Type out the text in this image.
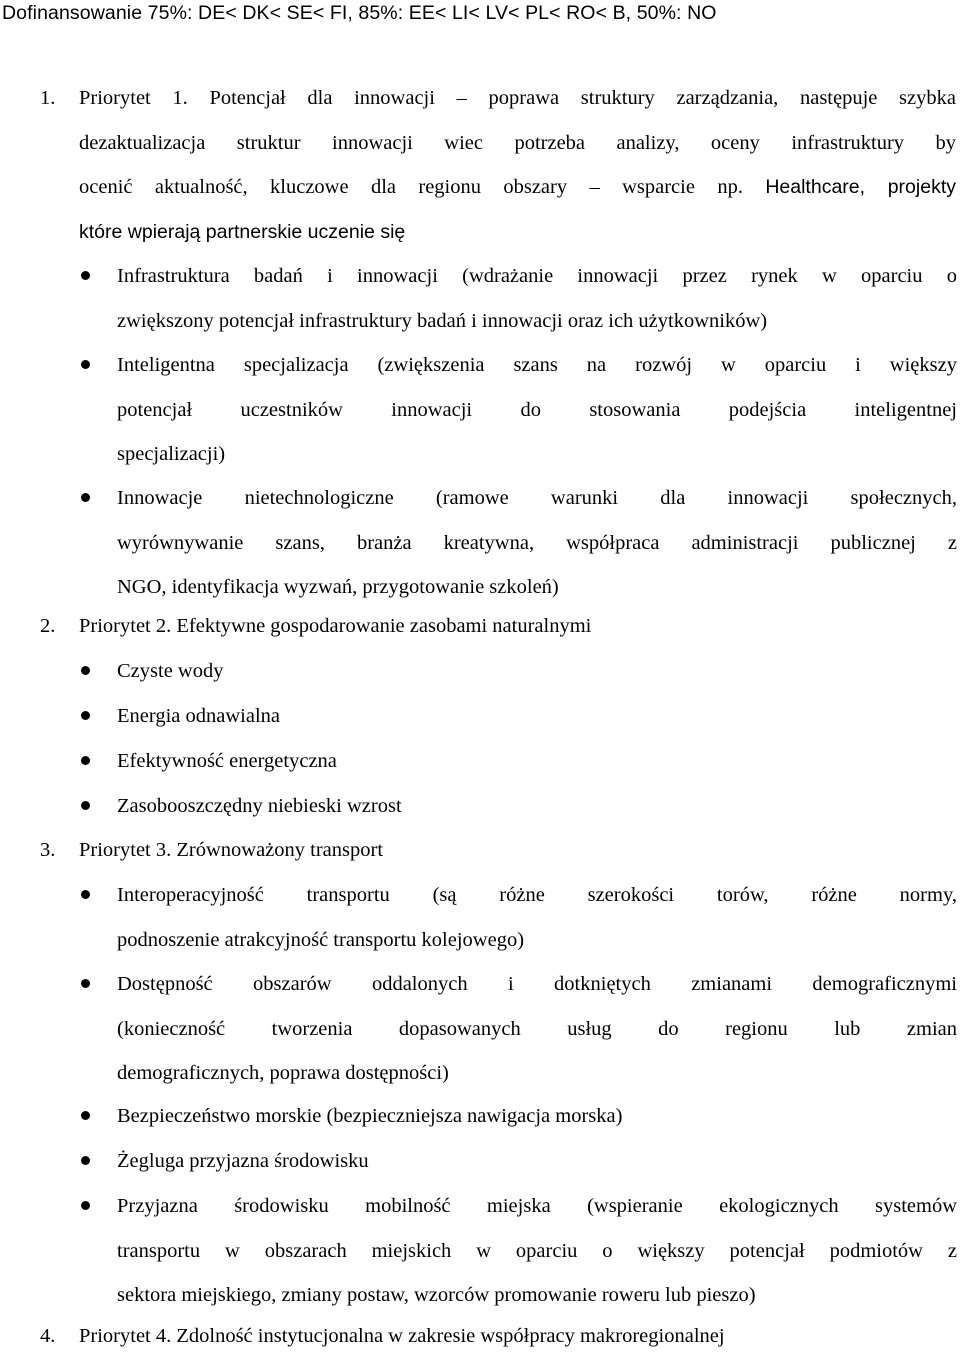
Dofinansowanie 75%: DE< DK< SE< FI, 85%: EE< LI< LV< PL< RO< B, 50%: NO
1. Priorytet 1. Potencjał dla innowacji – poprawa struktury zarządzania, następuje szybka
dezaktualizacja struktur innowacji wiec potrzeba analizy, oceny infrastruktury by
ocenić aktualność, kluczowe dla regionu obszary – wsparcie np. Healthcare, projekty
które wpierają partnerskie uczenie się
Infrastruktura badań i innowacji (wdrażanie innowacji przez rynek w oparciu o
zwiększony potencjał infrastruktury badań i innowacji oraz ich użytkowników)
Inteligentna specjalizacja (zwiększenia szans na rozwój w oparciu i większy
potencjał uczestników innowacji do stosowania podejścia inteligentnej
specjalizacji)
Innowacje nietechnologiczne (ramowe warunki dla innowacji społecznych,
wyrównywanie szans, branża kreatywna, współpraca administracji publicznej z
NGO, identyfikacja wyzwań, przygotowanie szkoleń)
2. Priorytet 2. Efektywne gospodarowanie zasobami naturalnymi
Czyste wody
Energia odnawialna
Efektywność energetyczna
Zasobooszczędny niebieski wzrost
3. Priorytet 3. Zrównoważony transport
Interoperacyjność transportu (są różne szerokości torów, różne normy,
podnoszenie atrakcyjność transportu kolejowego)
Dostępność obszarów oddalonych i dotkniętych zmianami demograficznymi
(konieczność tworzenia dopasowanych usług do regionu lub zmian
demograficznych, poprawa dostępności)
Bezpieczeństwo morskie (bezpieczniejsza nawigacja morska)
Żegluga przyjazna środowisku
Przyjazna środowisku mobilność miejska (wspieranie ekologicznych systemów
transportu w obszarach miejskich w oparciu o większy potencjał podmiotów z
sektora miejskiego, zmiany postaw, wzorców promowanie roweru lub pieszo)
4. Priorytet 4. Zdolność instytucjonalna w zakresie współpracy makroregionalnej
